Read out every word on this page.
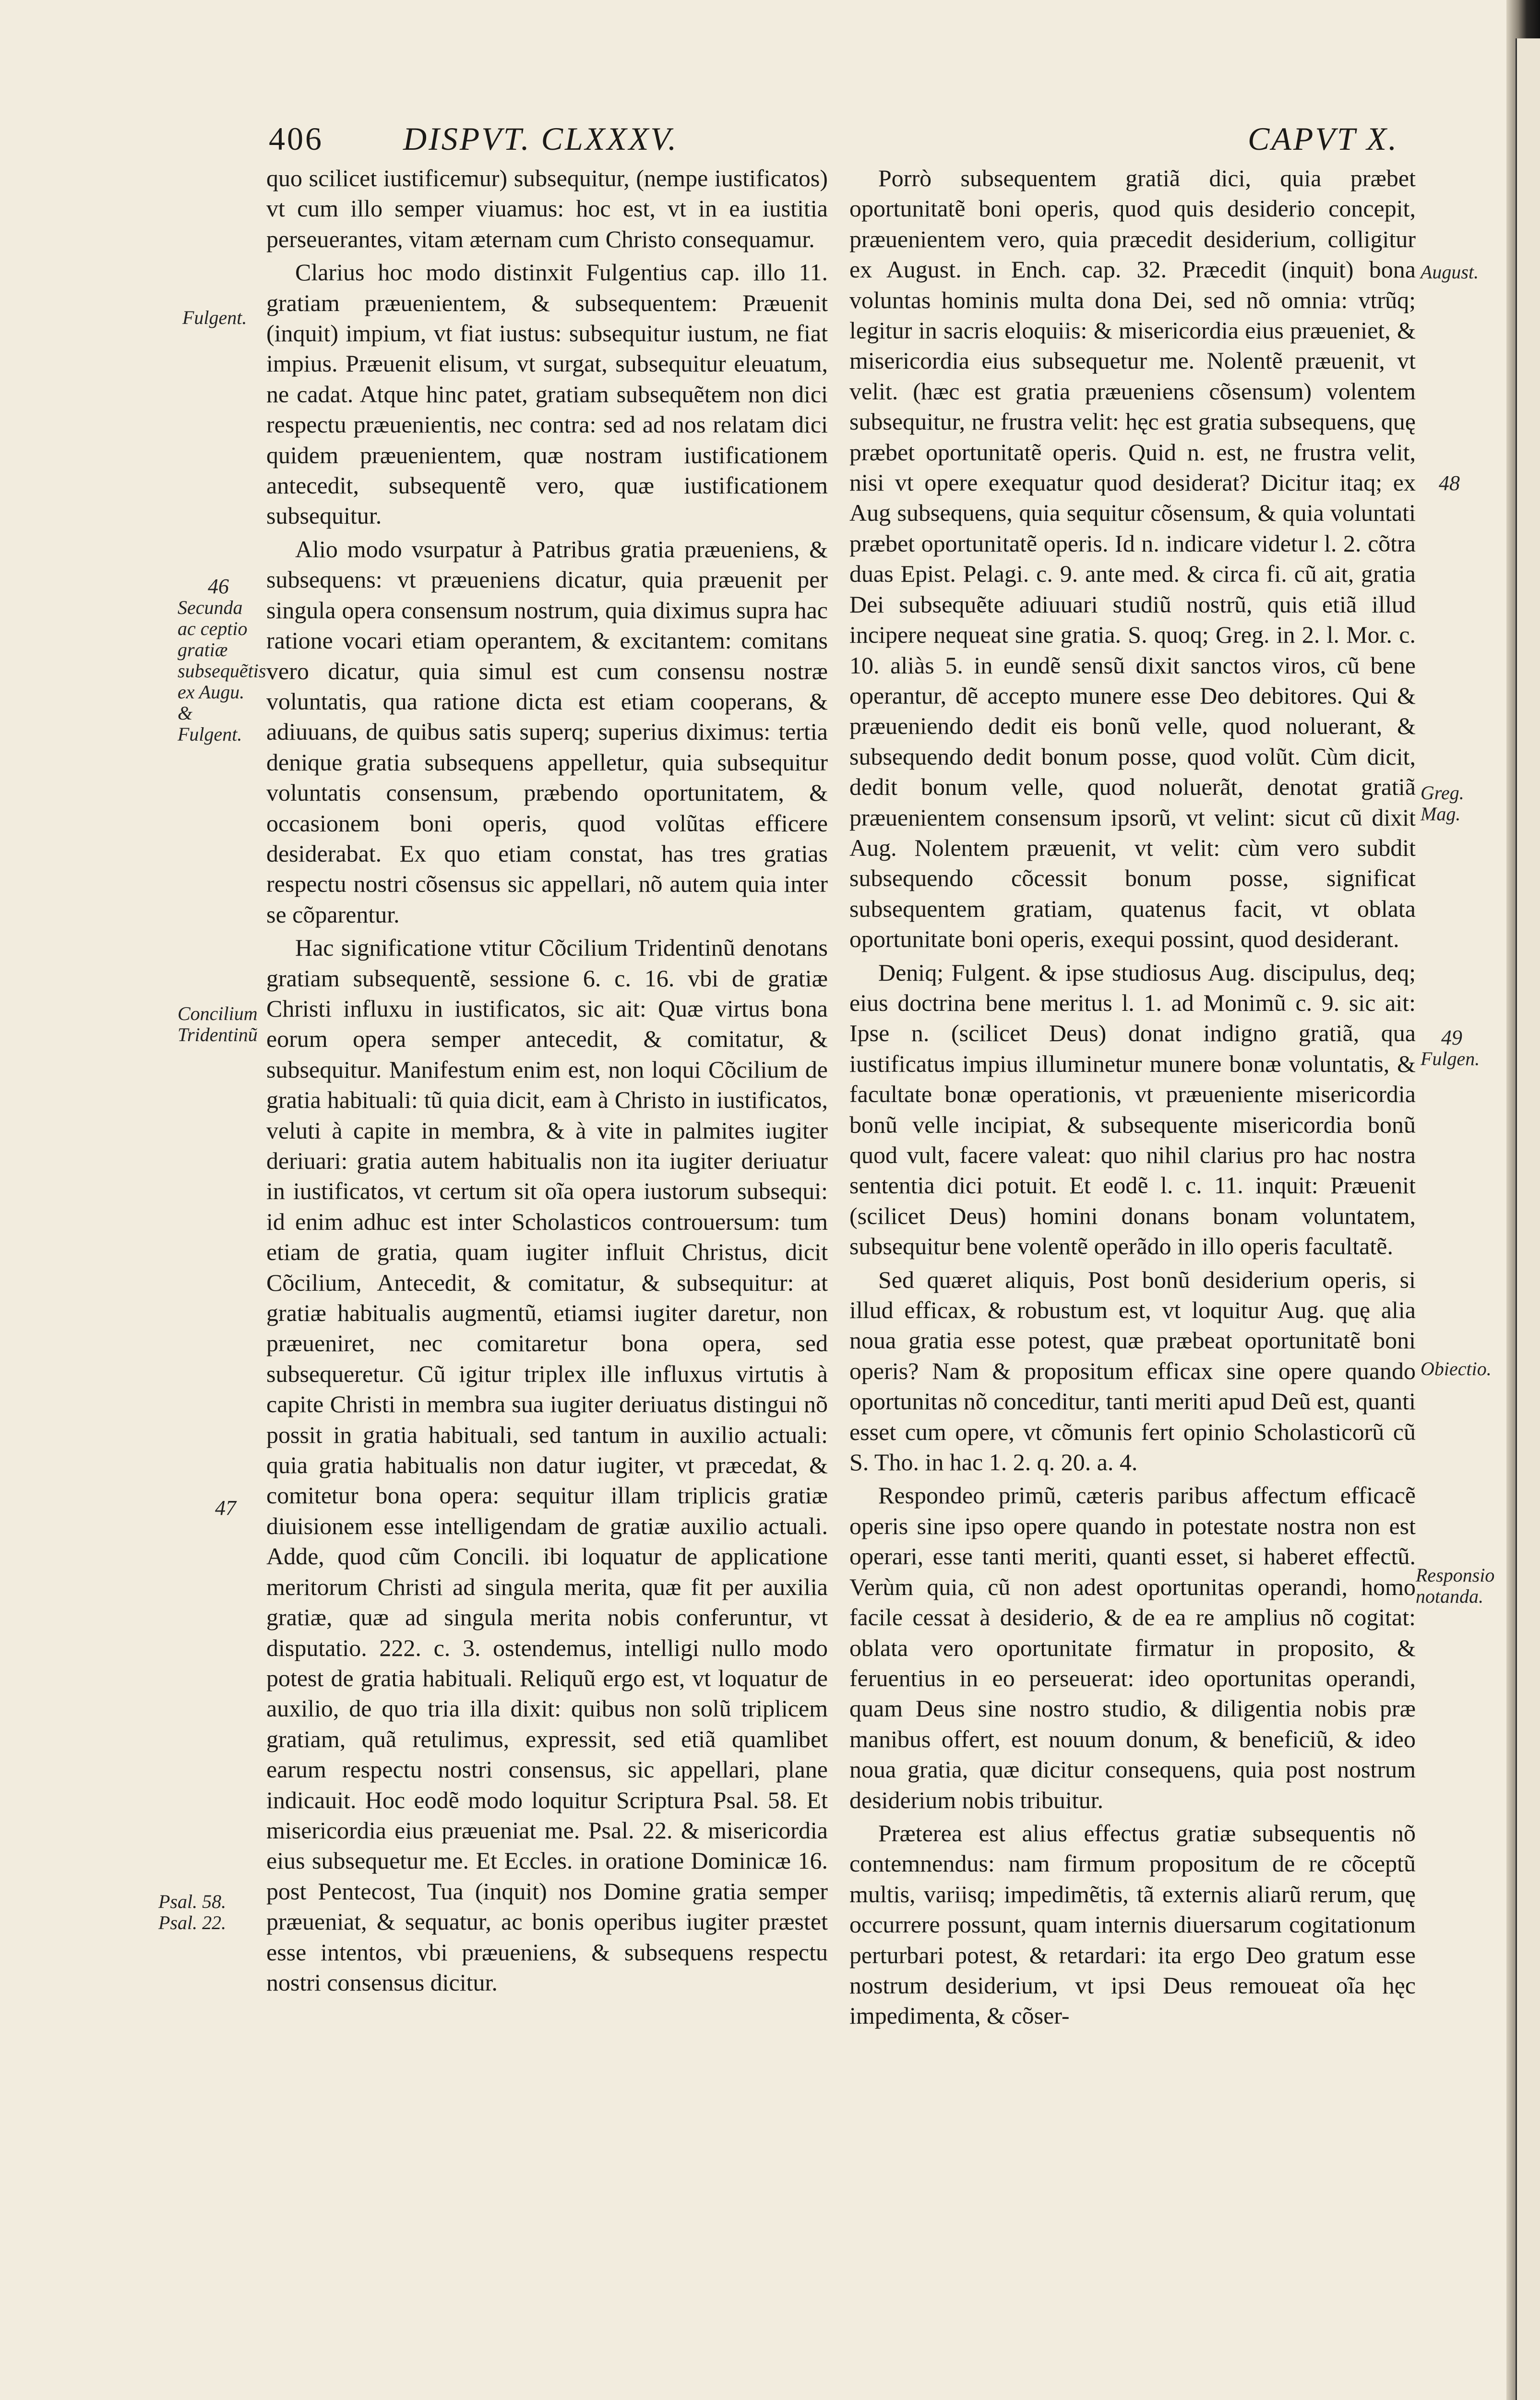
406 DISPVT. CLXXXV.	CAPVT X.

quo scilicet iustificemur) subsequitur, (nempe iustificatos) vt cum illo semper viuamus: hoc est, vt in ea iustitia perseuerantes, vitam æternam cum Christo consequamur.

Clarius hoc modo distinxit Fulgentius cap. illo 11. gratiam præuenientem, & subsequentem: Præuenit (inquit) impium, vt fiat iustus: subsequitur iustum, ne fiat impius. Præuenit elisum, vt surgat, subsequitur eleuatum, ne cadat. Atque hinc patet, gratiam subsequẽtem non dici respectu præuenientis, nec contra: sed ad nos relatam dici quidem præuenientem, quæ nostram iustificationem antecedit, subsequentẽ vero, quæ iustificationem subsequitur.

Alio modo vsurpatur à Patribus gratia præueniens, & subsequens: vt præueniens dicatur, quia præuenit per singula opera consensum nostrum, quia diximus supra hac ratione vocari etiam operantem, & excitantem: comitans vero dicatur, quia simul est cum consensu nostræ voluntatis, qua ratione dicta est etiam cooperans, & adiuuans, de quibus satis superq; superius diximus: tertia denique gratia subsequens appelletur, quia subsequitur voluntatis consensum, præbendo oportunitatem, & occasionem boni operis, quod volũtas efficere desiderabat. Ex quo etiam constat, has tres gratias respectu nostri cõsensus sic appellari, nõ autem quia inter se cõparentur.

Hac significatione vtitur Cõcilium Tridentinũ denotans gratiam subsequentẽ, sessione 6. c. 16. vbi de gratiæ Christi influxu in iustificatos, sic ait: Quæ virtus bona eorum opera semper antecedit, & comitatur, & subsequitur. Manifestum enim est, non loqui Cõcilium de gratia habituali: tũ quia dicit, eam à Christo in iustificatos, veluti à capite in membra, & à vite in palmites iugiter deriuari: gratia autem habitualis non ita iugiter deriuatur in iustificatos, vt certum sit oĩa opera iustorum subsequi: id enim adhuc est inter Scholasticos controuersum: tum etiam de gratia, quam iugiter influit Christus, dicit Cõcilium, Antecedit, & comitatur, & subsequitur: at gratiæ habitualis augmentũ, etiamsi iugiter daretur, non præueniret, nec comitaretur bona opera, sed subsequeretur. Cũ igitur triplex ille influxus virtutis à capite Christi in membra sua iugiter deriuatus distingui nõ possit in gratia habituali, sed tantum in auxilio actuali: quia gratia habitualis non datur iugiter, vt præcedat, & comitetur bona opera: sequitur illam triplicis gratiæ diuisionem esse intelligendam de gratiæ auxilio actuali. Adde, quod cũm Concili. ibi loquatur de applicatione meritorum Christi ad singula merita, quæ fit per auxilia gratiæ, quæ ad singula merita nobis conferuntur, vt disputatio. 222. c. 3. ostendemus, intelligi nullo modo potest de gratia habituali. Reliquũ ergo est, vt loquatur de auxilio, de quo tria illa dixit: quibus non solũ triplicem gratiam, quã retulimus, expressit, sed etiã quamlibet earum respectu nostri consensus, sic appellari, plane indicauit. Hoc eodẽ modo loquitur Scriptura Psal. 58. Et misericordia eius præueniat me. Psal. 22. & misericordia eius subsequetur me. Et Eccles. in oratione Dominicæ 16. post Pentecost, Tua (inquit) nos Domine gratia semper præueniat, & sequatur, ac bonis operibus iugiter præstet esse intentos, vbi præueniens, & subsequens respectu nostri consensus dicitur.

Porrò subsequentem gratiã dici, quia præbet oportunitatẽ boni operis, quod quis desiderio concepit, præuenientem vero, quia præcedit desiderium, colligitur ex August. in Ench. cap. 32. Præcedit (inquit) bona voluntas hominis multa dona Dei, sed nõ omnia: vtrũq; legitur in sacris eloquiis: & misericordia eius præueniet, & misericordia eius subsequetur me. Nolentẽ præuenit, vt velit. (hæc est gratia præueniens cõsensum) volentem subsequitur, ne frustra velit: hęc est gratia subsequens, quę præbet oportunitatẽ operis. Quid n. est, ne frustra velit, nisi vt opere exequatur quod desiderat? Dicitur itaq; ex Aug subsequens, quia sequitur cõsensum, & quia voluntati præbet oportunitatẽ operis. Id n. indicare videtur l. 2. cõtra duas Epist. Pelagi. c. 9. ante med. & circa fi. cũ ait, gratia Dei subsequẽte adiuuari studiũ nostrũ, quis etiã illud incipere nequeat sine gratia. S. quoq; Greg. in 2. l. Mor. c. 10. aliàs 5. in eundẽ sensũ dixit sanctos viros, cũ bene operantur, dẽ accepto munere esse Deo debitores. Qui & præueniendo dedit eis bonũ velle, quod noluerant, & subsequendo dedit bonum posse, quod volũt. Cùm dicit, dedit bonum velle, quod noluerãt, denotat gratiã præuenientem consensum ipsorũ, vt velint: sicut cũ dixit Aug. Nolentem præuenit, vt velit: cùm vero subdit subsequendo cõcessit bonum posse, significat subsequentem gratiam, quatenus facit, vt oblata oportunitate boni operis, exequi possint, quod desiderant.

Deniq; Fulgent. & ipse studiosus Aug. discipulus, deq; eius doctrina bene meritus l. 1. ad Monimũ c. 9. sic ait: Ipse n. (scilicet Deus) donat indigno gratiã, qua iustificatus impius illuminetur munere bonæ voluntatis, & facultate bonæ operationis, vt præueniente misericordia bonũ velle incipiat, & subsequente misericordia bonũ quod vult, facere valeat: quo nihil clarius pro hac nostra sententia dici potuit. Et eodẽ l. c. 11. inquit: Præuenit (scilicet Deus) homini donans bonam voluntatem, subsequitur bene volentẽ operãdo in illo operis facultatẽ.

Sed quæret aliquis, Post bonũ desiderium operis, si illud efficax, & robustum est, vt loquitur Aug. quę alia noua gratia esse potest, quæ præbeat oportunitatẽ boni operis? Nam & propositum efficax sine opere quando oportunitas nõ conceditur, tanti meriti apud Deũ est, quanti esset cum opere, vt cõmunis fert opinio Scholasticorũ cũ S. Tho. in hac 1. 2. q. 20. a. 4.

Respondeo primũ, cæteris paribus affectum efficacẽ operis sine ipso opere quando in potestate nostra non est operari, esse tanti meriti, quanti esset, si haberet effectũ. Verùm quia, cũ non adest oportunitas operandi, homo facile cessat à desiderio, & de ea re amplius nõ cogitat: oblata vero oportunitate firmatur in proposito, & feruentius in eo perseuerat: ideo oportunitas operandi, quam Deus sine nostro studio, & diligentia nobis præ manibus offert, est nouum donum, & beneficiũ, & ideo noua gratia, quæ dicitur consequens, quia post nostrum desiderium nobis tribuitur.

Præterea est alius effectus gratiæ subsequentis nõ contemnendus: nam firmum propositum de re cõceptũ multis, variisq; impedimẽtis, tã externis aliarũ rerum, quę occurrere possunt, quam internis diuersarum cogitationum perturbari potest, & retardari: ita ergo Deo gratum esse nostrum desiderium, vt ipsi Deus remoueat oĩa hęc impedimenta, & cõser-

Fulgent.
46
Secunda ac ceptio gratiæ subsequẽtis ex Augu. & Fulgent.
Concilium Tridentinũ
47
Psal. 58. Psal. 22.
August.
48
Greg. Mag.
49
Fulgen.
Obiectio.
Responsio notanda.
